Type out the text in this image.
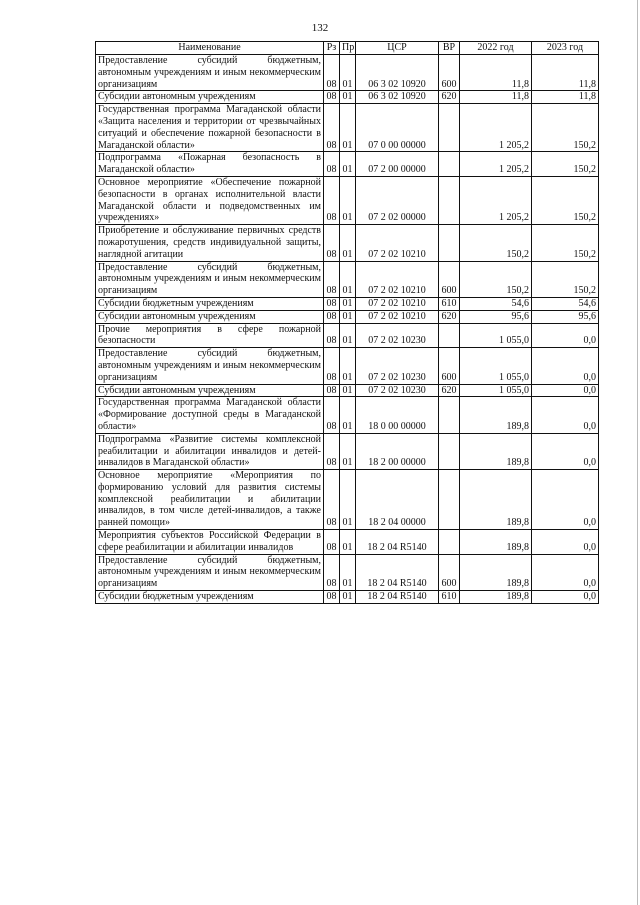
132
Наименование	Рз	Пр	ЦСР	ВР	2022 год	2023 год
Предоставление субсидий бюджетным, автономным учреждениям и иным некоммерческим организациям	08	01	06 3 02 10920	600	11,8	11,8
Субсидии автономным учреждениям	08	01	06 3 02 10920	620	11,8	11,8
Государственная программа Магаданской области «Защита населения и территории от чрезвычайных ситуаций и обеспечение пожарной безопасности в Магаданской области»	08	01	07 0 00 00000		1 205,2	150,2
Подпрограмма «Пожарная безопасность в Магаданской области»	08	01	07 2 00 00000		1 205,2	150,2
Основное мероприятие «Обеспечение пожарной безопасности в органах исполнительной власти Магаданской области и подведомственных им учреждениях»	08	01	07 2 02 00000		1 205,2	150,2
Приобретение и обслуживание первичных средств пожаротушения, средств индивидуальной защиты, наглядной агитации	08	01	07 2 02 10210		150,2	150,2
Предоставление субсидий бюджетным, автономным учреждениям и иным некоммерческим организациям	08	01	07 2 02 10210	600	150,2	150,2
Субсидии бюджетным учреждениям	08	01	07 2 02 10210	610	54,6	54,6
Субсидии автономным учреждениям	08	01	07 2 02 10210	620	95,6	95,6
Прочие мероприятия в сфере пожарной безопасности	08	01	07 2 02 10230		1 055,0	0,0
Предоставление субсидий бюджетным, автономным учреждениям и иным некоммерческим организациям	08	01	07 2 02 10230	600	1 055,0	0,0
Субсидии автономным учреждениям	08	01	07 2 02 10230	620	1 055,0	0,0
Государственная программа Магаданской области «Формирование доступной среды в Магаданской области»	08	01	18 0 00 00000		189,8	0,0
Подпрограмма «Развитие системы комплексной реабилитации и абилитации инвалидов и детей-инвалидов в Магаданской области»	08	01	18 2 00 00000		189,8	0,0
Основное мероприятие «Мероприятия по формированию условий для развития системы комплексной реабилитации и абилитации инвалидов, в том числе детей-инвалидов, а также ранней помощи»	08	01	18 2 04 00000		189,8	0,0
Мероприятия субъектов Российской Федерации в сфере реабилитации и абилитации инвалидов	08	01	18 2 04 R5140		189,8	0,0
Предоставление субсидий бюджетным, автономным учреждениям и иным некоммерческим организациям	08	01	18 2 04 R5140	600	189,8	0,0
Субсидии бюджетным учреждениям	08	01	18 2 04 R5140	610	189,8	0,0
